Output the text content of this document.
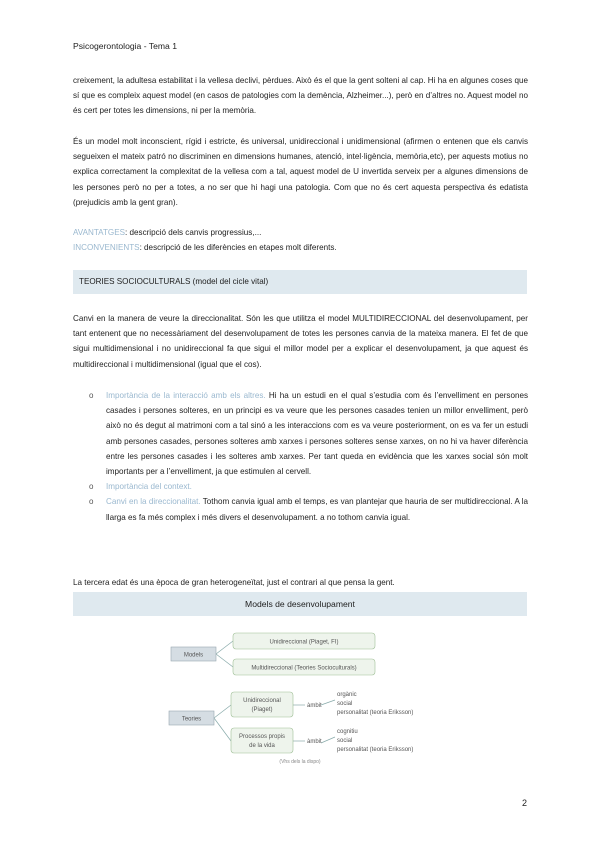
Psicogerontologia - Tema 1

creixement, la adultesa estabilitat i la vellesa declivi, pèrdues. Això és el que la gent solteni al cap. Hi ha en algunes coses que sí que es compleix aquest model (en casos de patologies com la demència, Alzheimer...), però en d’altres no. Aquest model no és cert per totes les dimensions, ni per la memòria.

És un model molt inconscient, rígid i estricte, és universal, unidireccional i unidimensional (afirmen o entenen que els canvis segueixen el mateix patró no discriminen en dimensions humanes, atenció, intel·ligència, memòria,etc), per aquests motius no explica correctament la complexitat de la vellesa com a tal, aquest model de U invertida serveix per a algunes dimensions de les persones però no per a totes, a no ser que hi hagi una patologia. Com que no és cert aquesta perspectiva és edatista (prejudicis amb la gent gran).

AVANTATGES: descripció dels canvis progressius,...

INCONVENIENTS: descripció de les diferències en etapes molt diferents.

TEORIES SOCIOCULTURALS (model del cicle vital)

Canvi en la manera de veure la direccionalitat. Són les que utilitza el model MULTIDIRECCIONAL del desenvolupament, per tant entenent que no necessàriament del desenvolupament de totes les persones canvia de la mateixa manera. El fet de que sigui multidimensional i no unidireccional fa que sigui el millor model per a explicar el desenvolupament, ja que aquest és multidireccional i multidimensional (igual que el cos).

o Importància de la interacció amb els altres. Hi ha un estudi en el qual s’estudia com és l’envelliment en persones casades i persones solteres, en un principi es va veure que les persones casades tenien un millor envelliment, però això no és degut al matrimoni com a tal sinó a les interaccions com es va veure posteriorment, on es va fer un estudi amb persones casades, persones solteres amb xarxes i persones solteres sense xarxes, on no hi va haver diferència entre les persones casades i les solteres amb xarxes. Per tant queda en evidència que les xarxes social són molt importants per a l’envelliment, ja que estimulen al cervell.
o Importància del context.
o Canvi en la direccionalitat. Tothom canvia igual amb el temps, es van plantejar que hauria de ser multidireccional. A la llarga es fa més complex i més divers el desenvolupament. a no tothom canvia igual.

La tercera edat és una època de gran heterogeneïtat, just el contrari al que pensa la gent.

Models de desenvolupament
Models
Teories
Unidireccional (Piaget, FI)
Multidireccional (Teories Socioculturals)
Unidireccional
(Piaget)
Processos propis
de la vida
àmbit
àmbit
orgànic
social
personalitat (teoria Eriksson)
cognitiu
social
personalitat (teoria Eriksson)
(Vhs dels la dispo)
2
